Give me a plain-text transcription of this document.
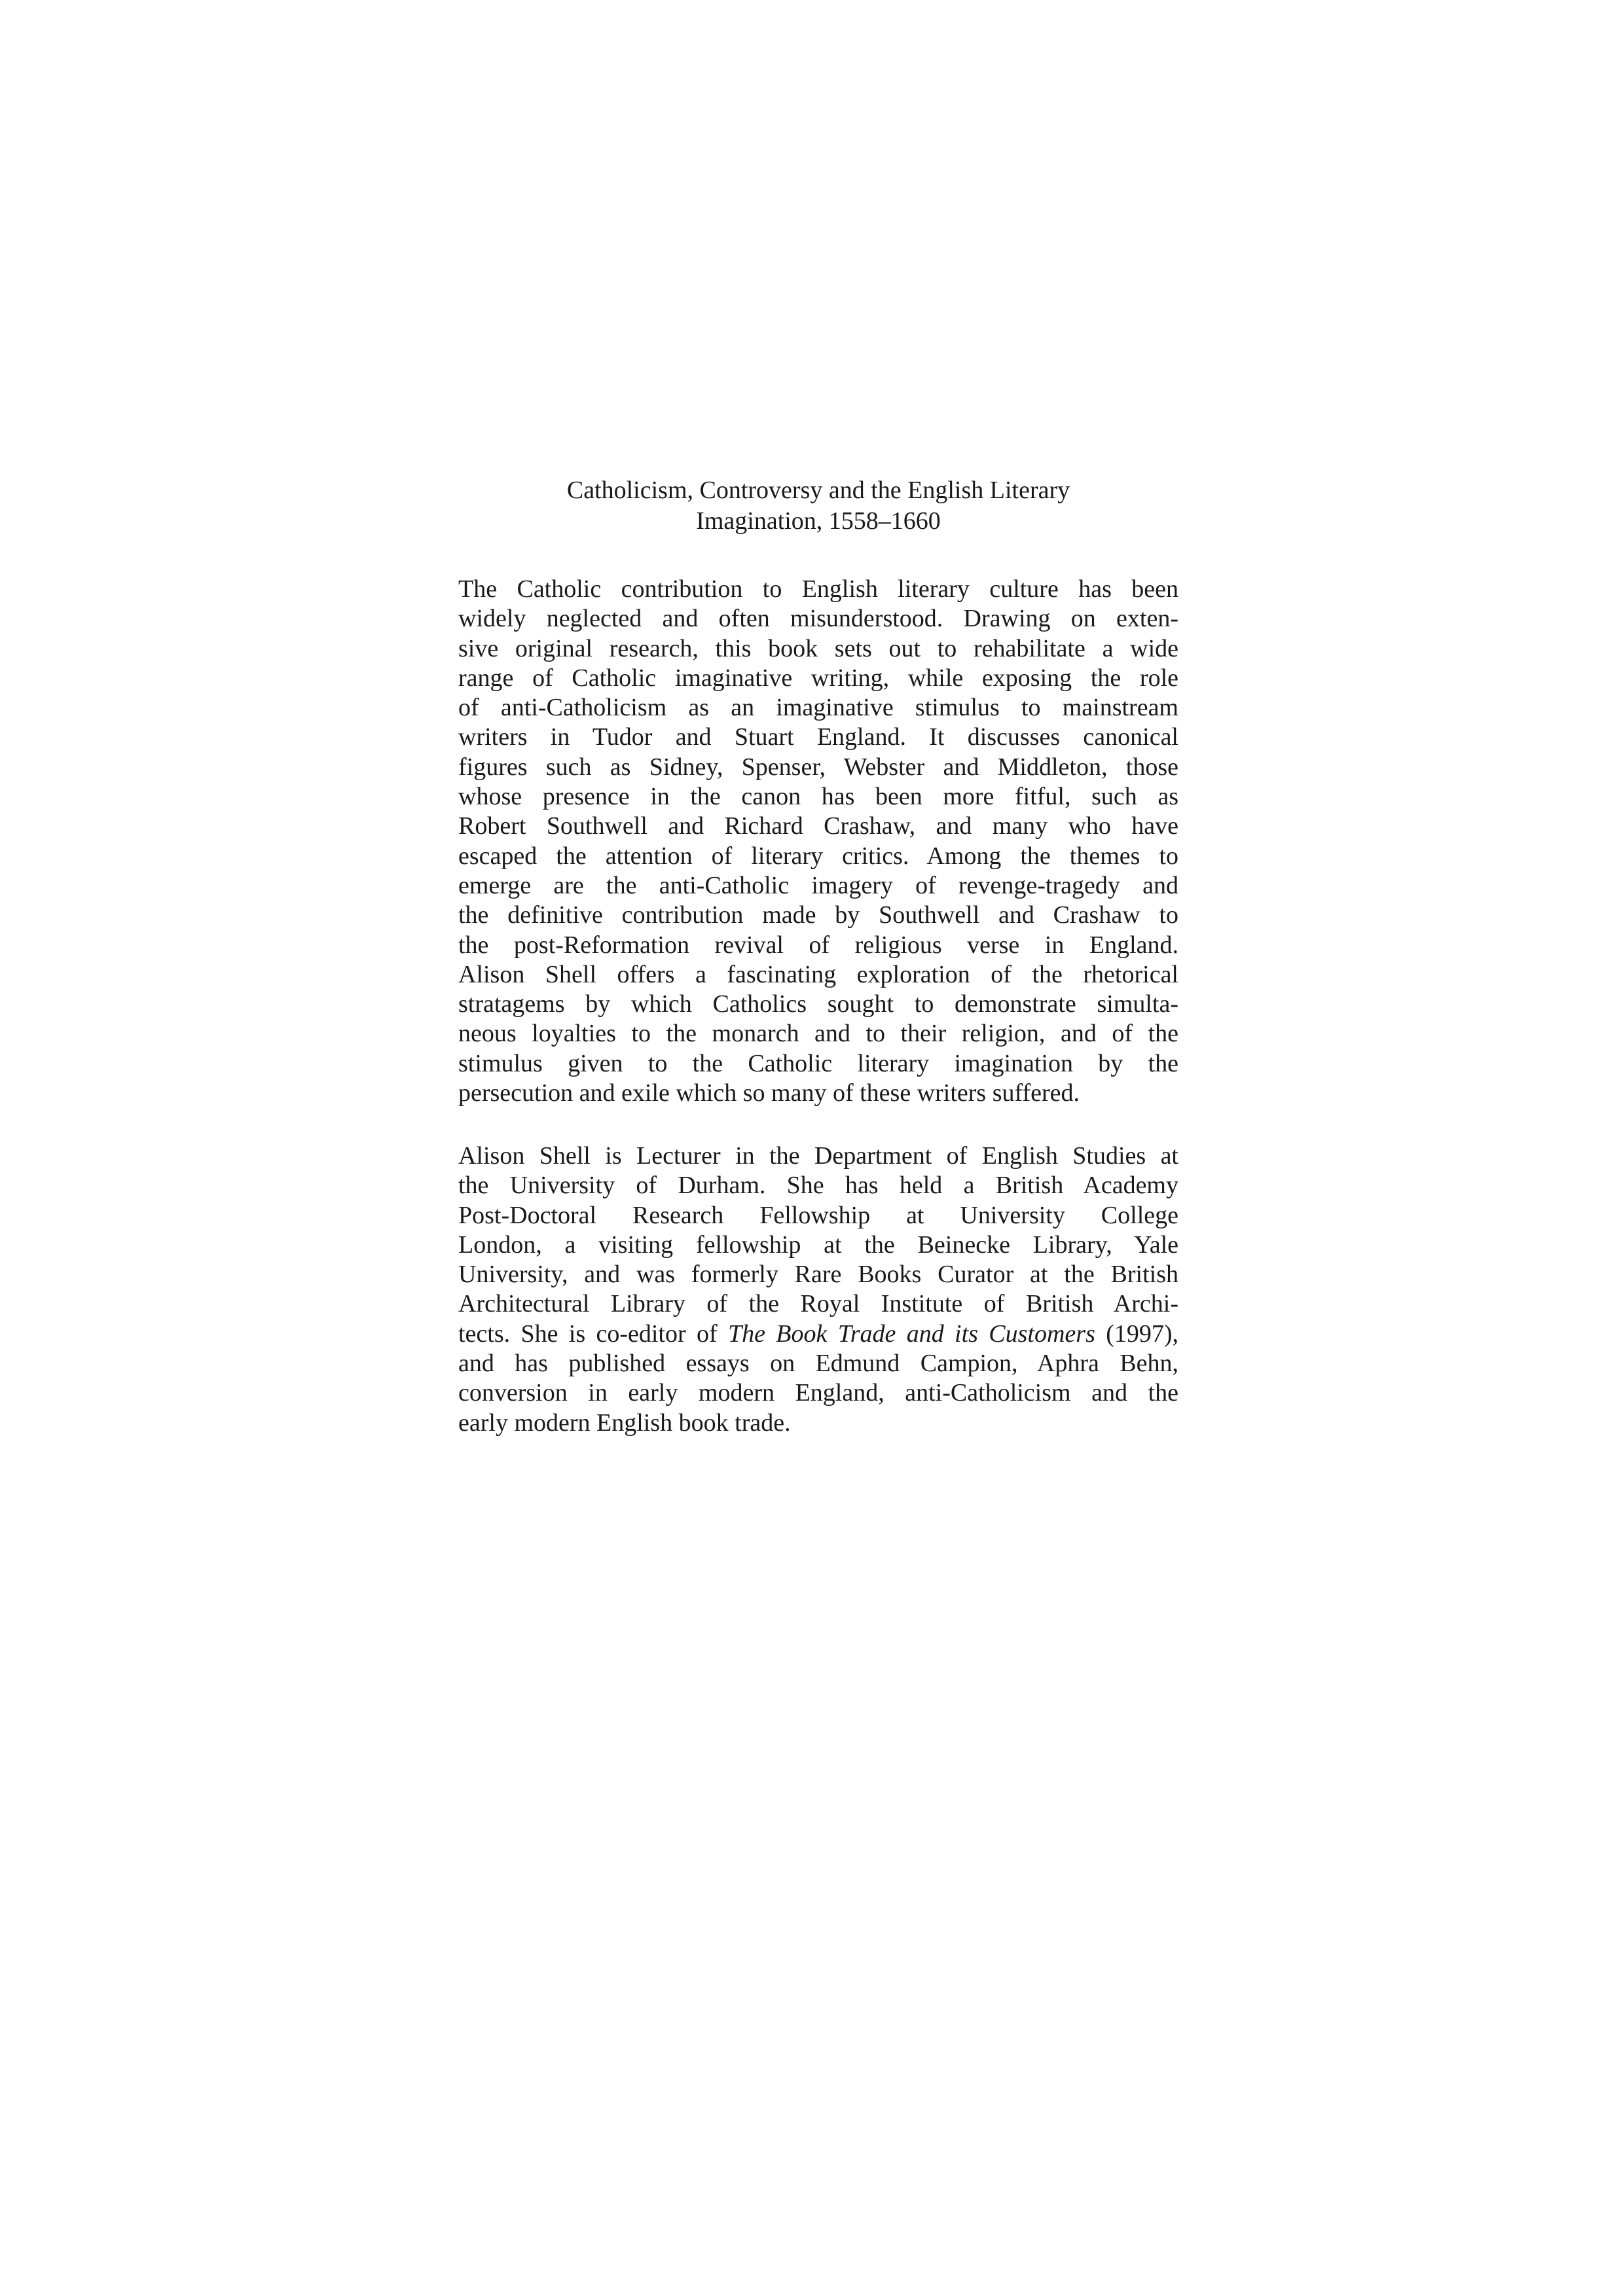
Catholicism, Controversy and the English Literary
Imagination, 1558–1660
The Catholic contribution to English literary culture has been
widely neglected and often misunderstood. Drawing on exten-
sive original research, this book sets out to rehabilitate a wide
range of Catholic imaginative writing, while exposing the role
of anti-Catholicism as an imaginative stimulus to mainstream
writers in Tudor and Stuart England. It discusses canonical
figures such as Sidney, Spenser, Webster and Middleton, those
whose presence in the canon has been more fitful, such as
Robert Southwell and Richard Crashaw, and many who have
escaped the attention of literary critics. Among the themes to
emerge are the anti-Catholic imagery of revenge-tragedy and
the definitive contribution made by Southwell and Crashaw to
the post-Reformation revival of religious verse in England.
Alison Shell offers a fascinating exploration of the rhetorical
stratagems by which Catholics sought to demonstrate simulta-
neous loyalties to the monarch and to their religion, and of the
stimulus given to the Catholic literary imagination by the
persecution and exile which so many of these writers suffered.
Alison Shell is Lecturer in the Department of English Studies at
the University of Durham. She has held a British Academy
Post-Doctoral Research Fellowship at University College
London, a visiting fellowship at the Beinecke Library, Yale
University, and was formerly Rare Books Curator at the British
Architectural Library of the Royal Institute of British Archi-
tects. She is co-editor of The Book Trade and its Customers (1997),
and has published essays on Edmund Campion, Aphra Behn,
conversion in early modern England, anti-Catholicism and the
early modern English book trade.
